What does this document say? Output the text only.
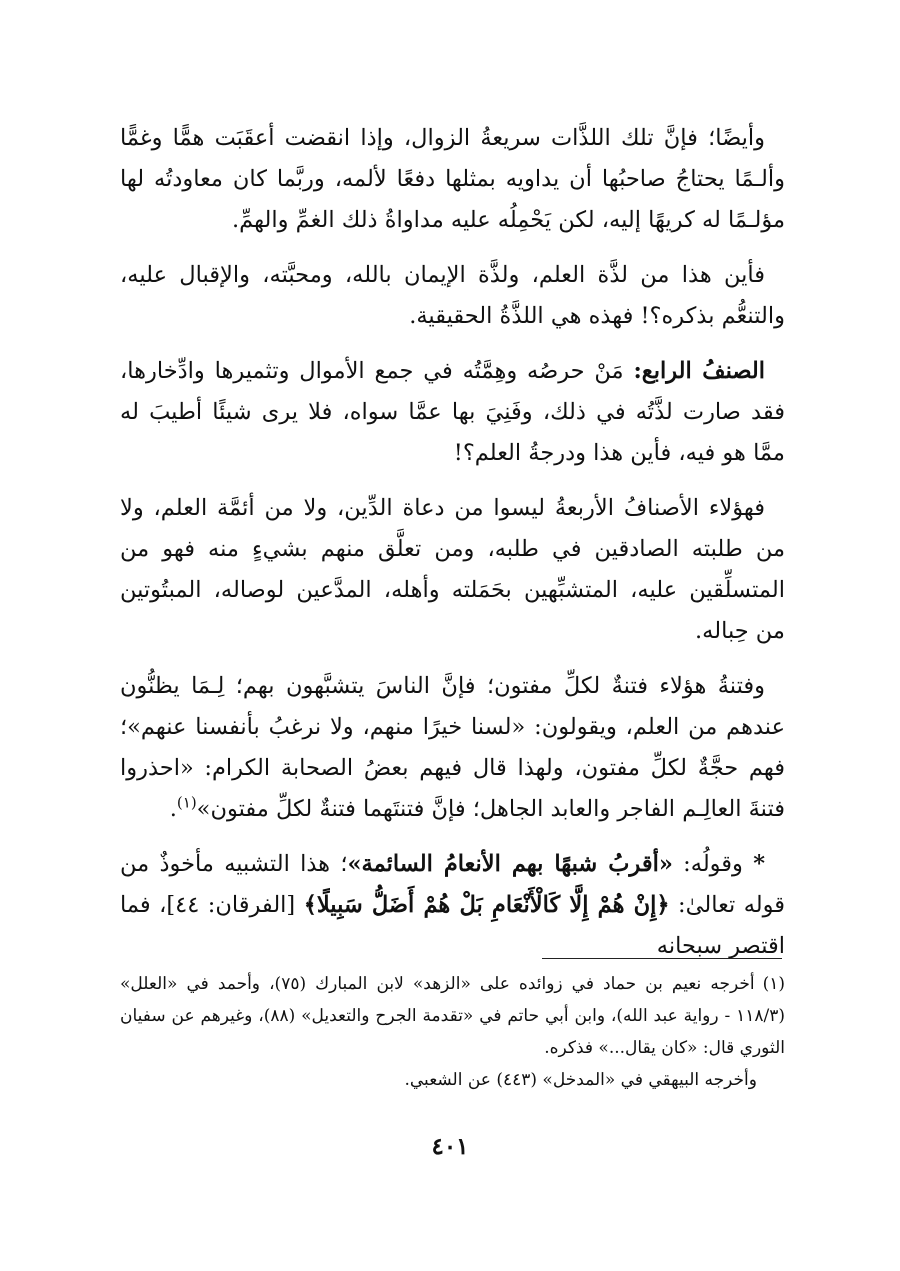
وأيضًا؛ فإنَّ تلك اللذَّات سريعةُ الزوال، وإذا انقضت أعقَبَت همًّا وغمًّا وألـمًا يحتاجُ صاحبُها أن يداويه بمثلها دفعًا لألمه، وربَّما كان معاودتُه لها مؤلـمًا له كريهًا إليه، لكن يَحْمِلُه عليه مداواةُ ذلك الغمِّ والهمِّ.

فأين هذا من لذَّة العلم، ولذَّة الإيمان بالله، ومحبَّته، والإقبال عليه، والتنعُّم بذكره؟! فهذه هي اللذَّةُ الحقيقية.

الصنفُ الرابع: مَنْ حرصُه وهِمَّتُه في جمع الأموال وتثميرها وادِّخارها، فقد صارت لذَّتُه في ذلك، وفَنِيَ بها عمَّا سواه، فلا يرى شيئًا أطيبَ له ممَّا هو فيه، فأين هذا ودرجةُ العلم؟!

فهؤلاء الأصنافُ الأربعةُ ليسوا من دعاة الدِّين، ولا من أئمَّة العلم، ولا من طلبته الصادقين في طلبه، ومن تعلَّق منهم بشيءٍ منه فهو من المتسلِّقين عليه، المتشبِّهين بحَمَلته وأهله، المدَّعين لوصاله، المبتُوتين من حِباله.

وفتنةُ هؤلاء فتنةٌ لكلِّ مفتون؛ فإنَّ الناسَ يتشبَّهون بهم؛ لِـمَا يظنُّون عندهم من العلم، ويقولون: «لسنا خيرًا منهم، ولا نرغبُ بأنفسنا عنهم»؛ فهم حجَّةٌ لكلِّ مفتون، ولهذا قال فيهم بعضُ الصحابة الكرام: «احذروا فتنةَ العالِـم الفاجر والعابد الجاهل؛ فإنَّ فتنتَهما فتنةٌ لكلِّ مفتون»$^{(١)}$.

* وقولُه: «أقربُ شبهًا بهم الأنعامُ السائمة»؛ هذا التشبيه مأخوذٌ من قوله تعالىٰ: ﴿إِنْ هُمْ إِلَّا كَالْأَنْعَامِ بَلْ هُمْ أَضَلُّ سَبِيلًا﴾ [الفرقان: ٤٤]، فما اقتصر سبحانه

(١)أخرجه نعيم بن حماد في زوائده على «الزهد» لابن المبارك (٧٥)، وأحمد في «العلل» (١١٨/٣ - رواية عبد الله)، وابن أبي حاتم في «تقدمة الجرح والتعديل» (٨٨)، وغيرهم عن سفيان الثوري قال: «كان يقال...» فذكره.

وأخرجه البيهقي في «المدخل» (٤٤٣) عن الشعبي.

٤٠١
